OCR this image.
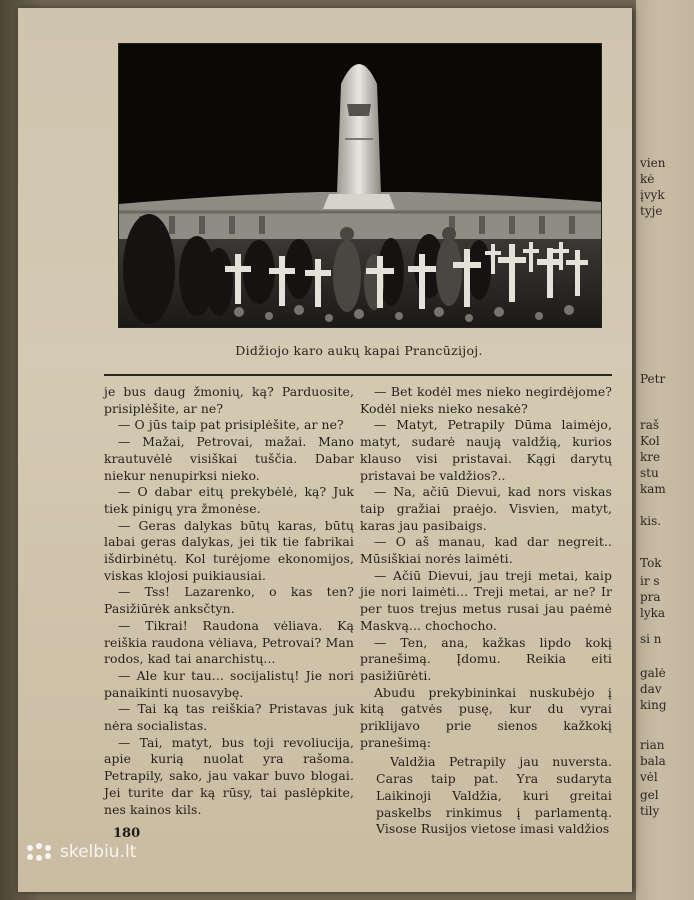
vien
kė
įvyk
tyje
Petr
raš
Kol
kre
stu
kam
kis.
Tok
ir s
pra
lyka
si n
galė
dav
king
rian
bala
vėl
gel
tily
Didžiojo karo aukų kapai Prancūzijoj.

je bus daug žmonių, ką? Parduosite, prisiplėšite, ar ne?

— O jūs taip pat prisiplėšite, ar ne?

— Mažai, Petrovai, mažai. Mano krautuvėlė visiškai tuščia. Dabar niekur nenupirksi nieko.

— O dabar eitų prekybėlė, ką? Juk tiek pinigų yra žmonėse.

— Geras dalykas būtų karas, būtų labai geras dalykas, jei tik tie fabrikai išdirbinėtų. Kol turėjome ekonomijos, viskas klojosi puikiausiai.

— Tss! Lazarenko, o kas ten? Pasižiūrėk anksčtyn.

— Tikrai! Raudona vėliava. Ką reiškia raudona vėliava, Petrovai? Man rodos, kad tai anarchistų...

— Ale kur tau... socijalistų! Jie nori panaikinti nuosavybę.

— Tai ką tas reiškia? Pristavas juk nėra socialistas.

— Tai, matyt, bus toji revoliucija, apie kurią nuolat yra rašoma. Petrapily, sako, jau vakar buvo blogai. Jei turite dar ką rūsy, tai paslėpkite, nes kainos kils.

— Bet kodėl mes nieko negirdėjome? Kodėl nieks nieko nesakė?

— Matyt, Petrapily Dūma laimėjo, matyt, sudarė naują valdžią, kurios klauso visi pristavai. Kągi darytų pristavai be valdžios?..

— Na, ačiū Dievui, kad nors viskas taip gražiai praėjo. Visvien, matyt, karas jau pasibaigs.

— O aš manau, kad dar negreit.. Mūsiškiai norės laimėti.

— Ačiū Dievui, jau treji metai, kaip jie nori laimėti... Treji metai, ar ne? Ir per tuos trejus metus rusai jau paėmė Maskvą... chochocho.

— Ten, ana, kažkas lipdo kokį pranešimą. Įdomu. Reikia eiti pasižiūrėti.

Abudu prekybininkai nuskubėjo į kitą gatvės pusę, kur du vyrai priklijavo prie sienos kažkokį pranešimą:

Valdžia Petrapily jau nuversta. Caras taip pat. Yra sudaryta Laikinoji Valdžia, kuri greitai paskelbs rinkimus į parlamentą. Visose Rusijos vietose imasi valdžios

180
skelbiu.lt
